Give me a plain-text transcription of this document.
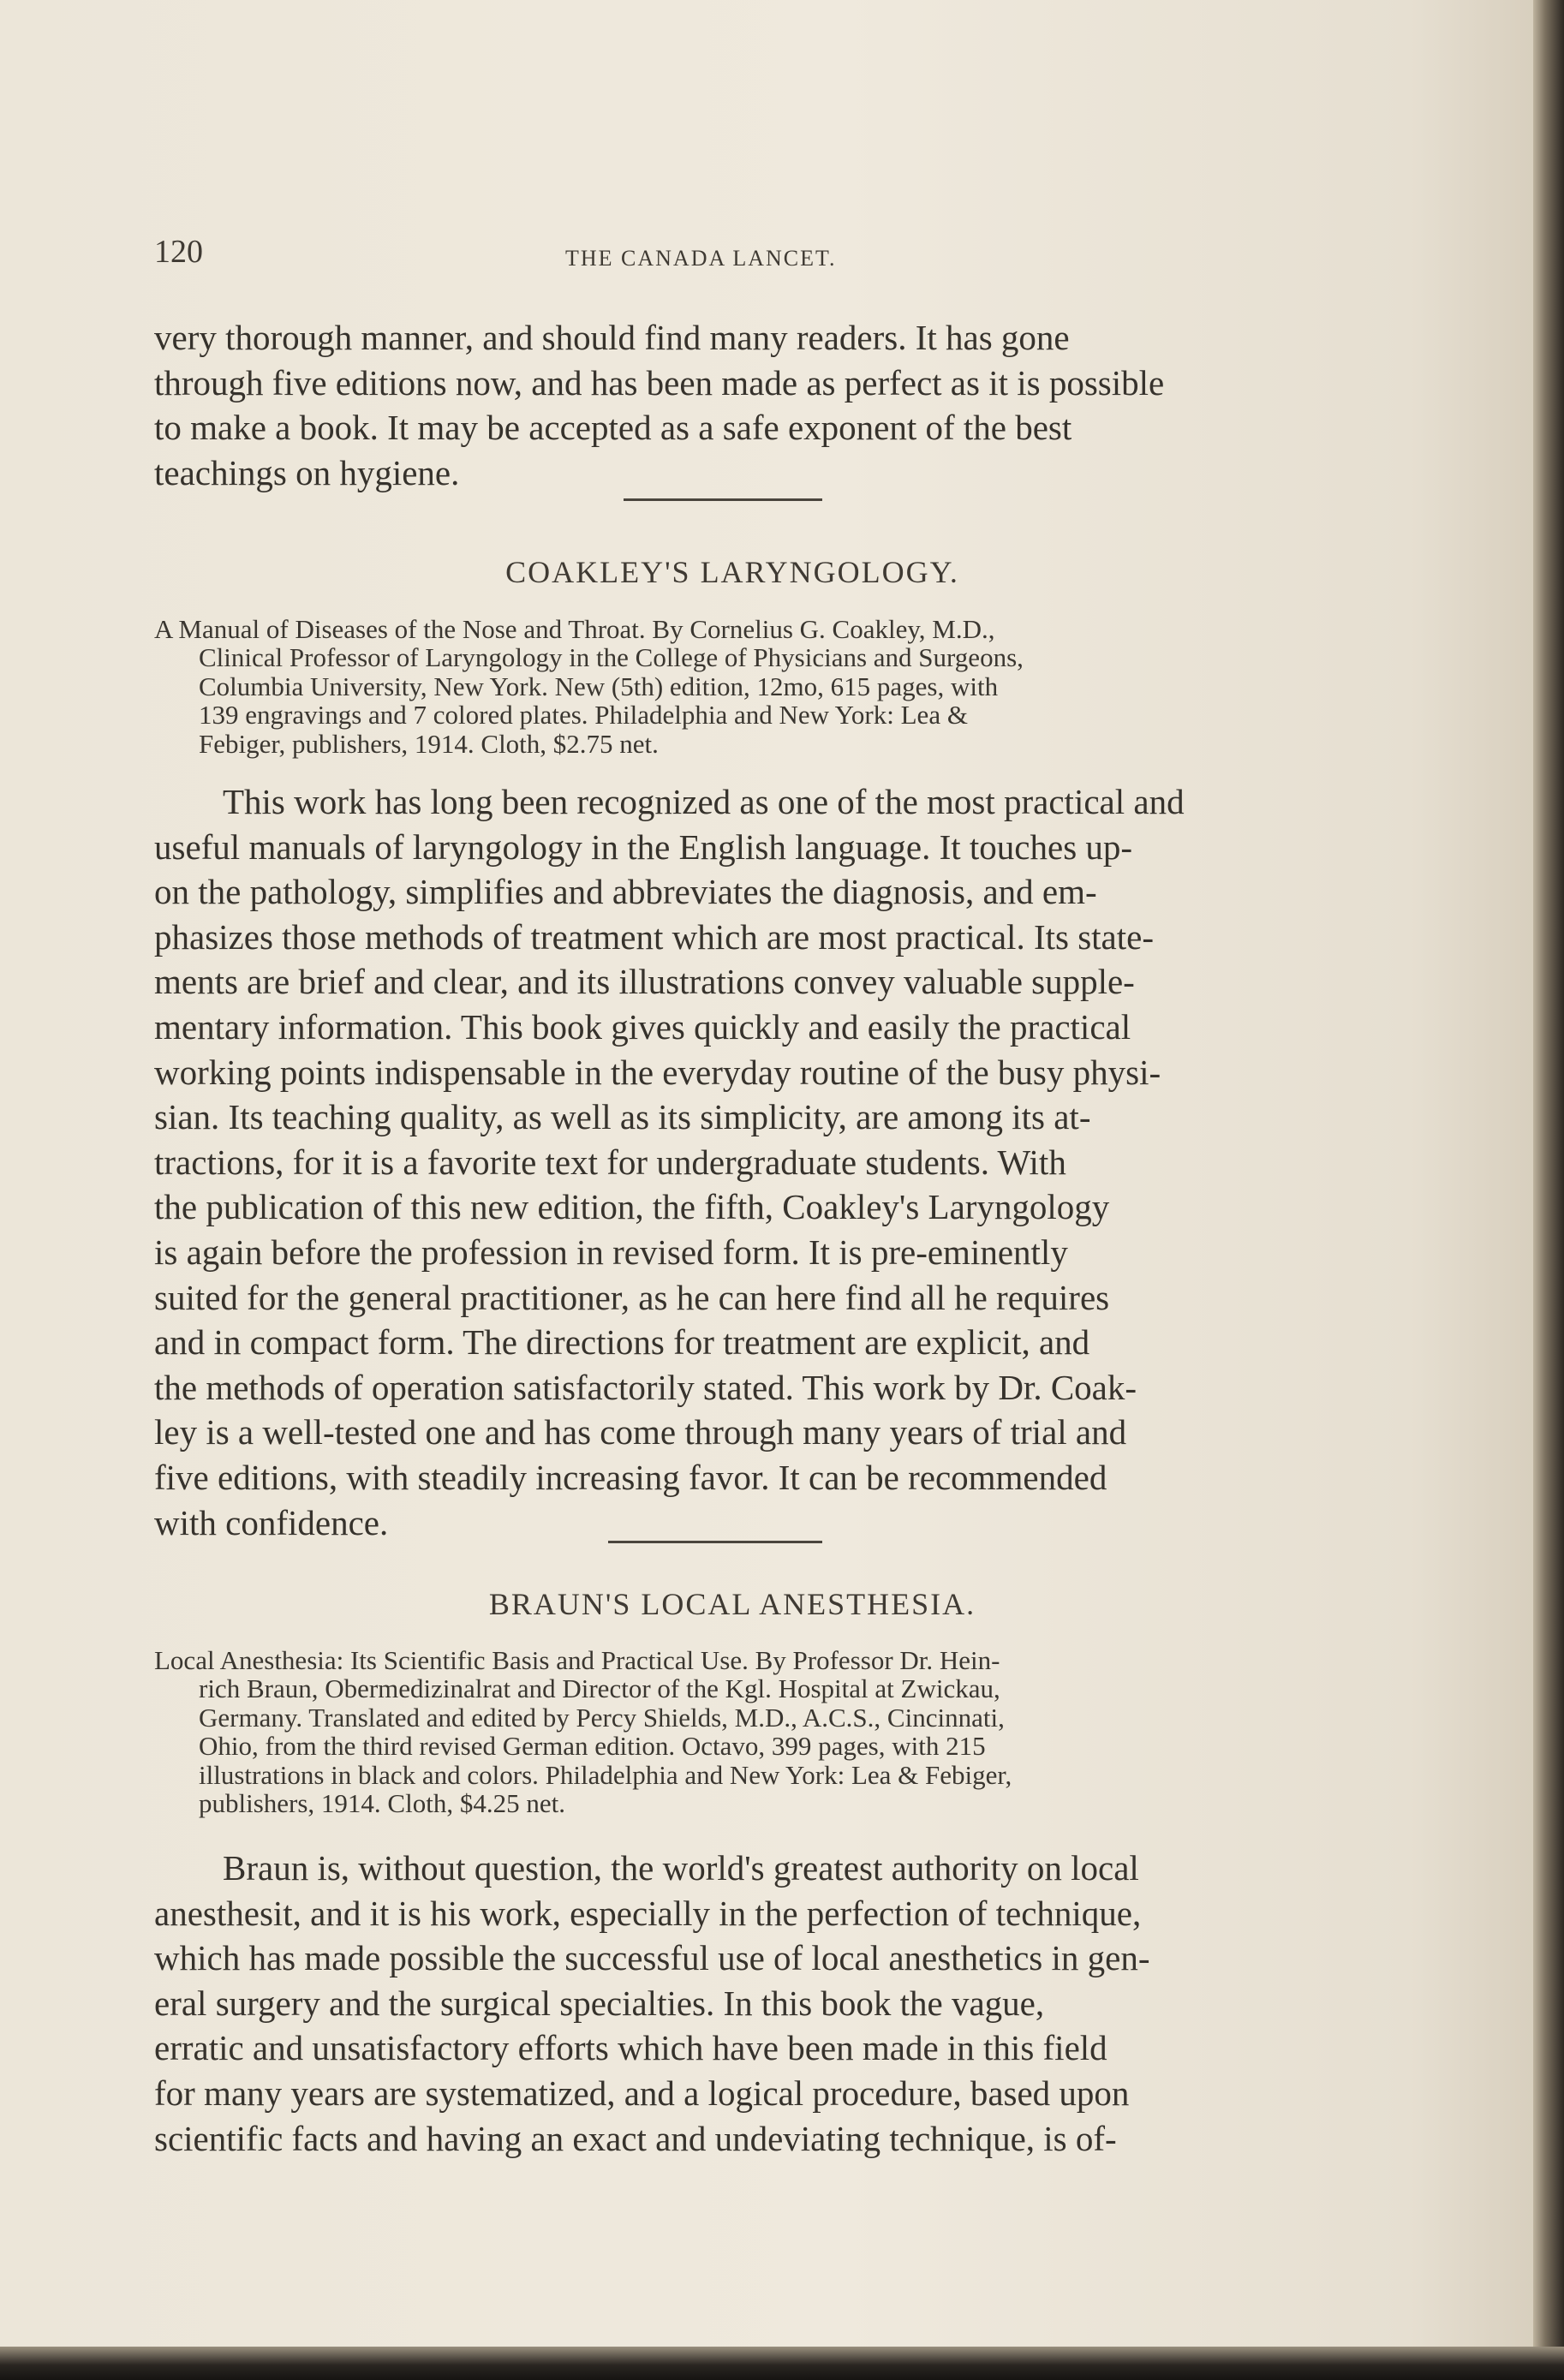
120	THE CANADA LANCET.
very thorough manner, and should find many readers. It has gone
through five editions now, and has been made as perfect as it is possible
to make a book. It may be accepted as a safe exponent of the best
teachings on hygiene.
COAKLEY'S LARYNGOLOGY.
A Manual of Diseases of the Nose and Throat. By Cornelius G. Coakley, M.D.,
Clinical Professor of Laryngology in the College of Physicians and Surgeons,
Columbia University, New York. New (5th) edition, 12mo, 615 pages, with
139 engravings and 7 colored plates. Philadelphia and New York: Lea &
Febiger, publishers, 1914. Cloth, $2.75 net.
This work has long been recognized as one of the most practical and
useful manuals of laryngology in the English language. It touches up-
on the pathology, simplifies and abbreviates the diagnosis, and em-
phasizes those methods of treatment which are most practical. Its state-
ments are brief and clear, and its illustrations convey valuable supple-
mentary information. This book gives quickly and easily the practical
working points indispensable in the everyday routine of the busy physi-
sian. Its teaching quality, as well as its simplicity, are among its at-
tractions, for it is a favorite text for undergraduate students. With
the publication of this new edition, the fifth, Coakley's Laryngology
is again before the profession in revised form. It is pre-eminently
suited for the general practitioner, as he can here find all he requires
and in compact form. The directions for treatment are explicit, and
the methods of operation satisfactorily stated. This work by Dr. Coak-
ley is a well-tested one and has come through many years of trial and
five editions, with steadily increasing favor. It can be recommended
with confidence.
BRAUN'S LOCAL ANESTHESIA.
Local Anesthesia: Its Scientific Basis and Practical Use. By Professor Dr. Hein-
rich Braun, Obermedizinalrat and Director of the Kgl. Hospital at Zwickau,
Germany. Translated and edited by Percy Shields, M.D., A.C.S., Cincinnati,
Ohio, from the third revised German edition. Octavo, 399 pages, with 215
illustrations in black and colors. Philadelphia and New York: Lea & Febiger,
publishers, 1914. Cloth, $4.25 net.
Braun is, without question, the world's greatest authority on local
anesthesit, and it is his work, especially in the perfection of technique,
which has made possible the successful use of local anesthetics in gen-
eral surgery and the surgical specialties. In this book the vague,
erratic and unsatisfactory efforts which have been made in this field
for many years are systematized, and a logical procedure, based upon
scientific facts and having an exact and undeviating technique, is of-
